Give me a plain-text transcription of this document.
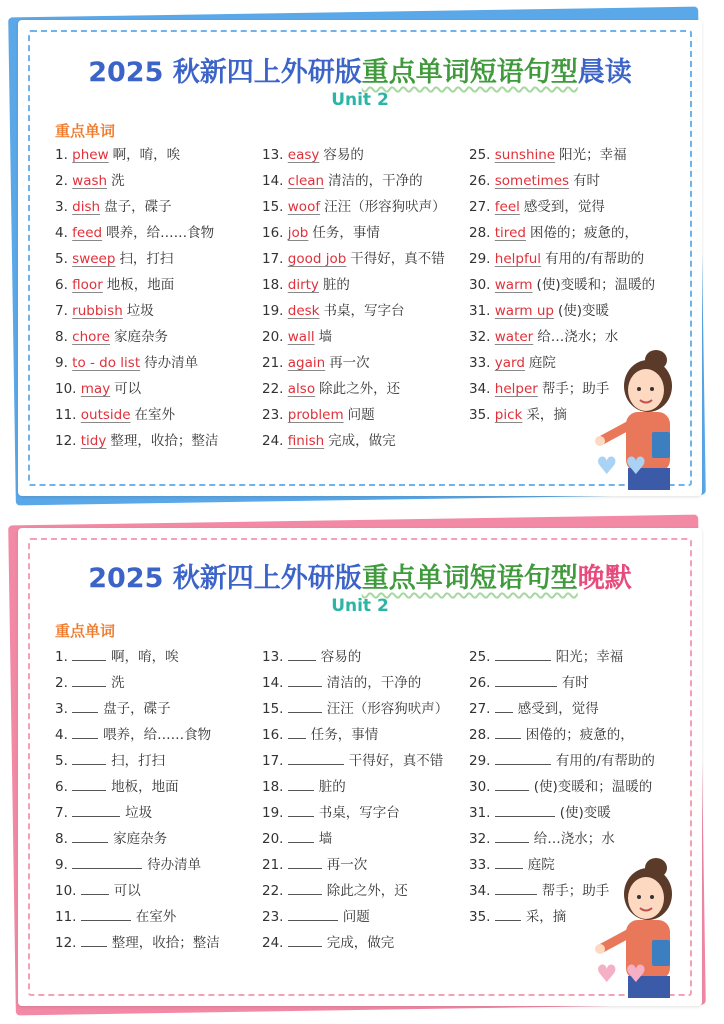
2025 秋新四上外研版重点单词短语句型晨读
Unit 2
重点单词
1. phew 啊，唷，唉
2. wash 洗
3. dish 盘子，碟子
4. feed 喂养，给……食物
5. sweep 扫，打扫
6. floor 地板，地面
7. rubbish 垃圾
8. chore 家庭杂务
9. to - do list 待办清单
10. may 可以
11. outside 在室外
12. tidy 整理，收拾；整洁
13. easy 容易的
14. clean 清洁的，干净的
15. woof 汪汪（形容狗吠声）
16. job 任务，事情
17. good job 干得好，真不错
18. dirty 脏的
19. desk 书桌，写字台
20. wall 墙
21. again 再一次
22. also 除此之外，还
23. problem 问题
24. finish 完成，做完
25. sunshine 阳光；幸福
26. sometimes 有时
27. feel 感受到，觉得
28. tired 困倦的；疲惫的，
29. helpful 有用的/有帮助的
30. warm (使)变暖和；温暖的
31. warm up (使)变暖
32. water 给…浇水；水
33. yard 庭院
34. helper 帮手；助手
35. pick 采，摘
♥ ♥
2025 秋新四上外研版重点单词短语句型晚默
Unit 2
重点单词
1.	啊，唷，唉
2.	洗
3. 盘子，碟子
4. 喂养，给……食物
5.	扫，打扫
6.	地板，地面
7.	垃圾
8.	家庭杂务
9.	待办清单
10. 可以
11.	在室外
12. 整理，收拾；整洁
13. 容易的
14.	清洁的，干净的
15.	汪汪（形容狗吠声）
16. 任务，事情
17.	干得好，真不错
18. 脏的
19. 书桌，写字台
20. 墙
21.	再一次
22.	除此之外，还
23.	问题
24.	完成，做完
25.	阳光；幸福
26.	有时
27. 感受到，觉得
28. 困倦的；疲惫的，
29.	有用的/有帮助的
30.	(使)变暖和；温暖的
31.	(使)变暖
32.	给…浇水；水
33. 庭院
34.	帮手；助手
35. 采，摘
♥ ♥
